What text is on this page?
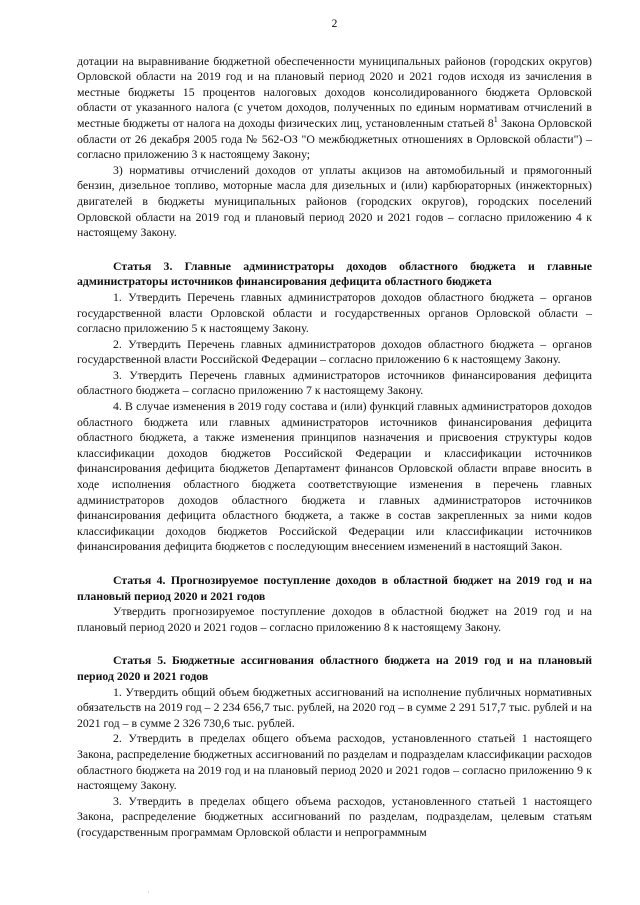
2

дотации на выравнивание бюджетной обеспеченности муниципальных районов (городских округов) Орловской области на 2019 год и на плановый период 2020 и 2021 годов исходя из зачисления в местные бюджеты 15 процентов налоговых доходов консолидированного бюджета Орловской области от указанного налога (с учетом доходов, полученных по единым нормативам отчислений в местные бюджеты от налога на доходы физических лиц, установленным статьей $8^1$ Закона Орловской области от 26 декабря 2005 года № 562-ОЗ "О межбюджетных отношениях в Орловской области") – согласно приложению 3 к настоящему Закону;

3) нормативы отчислений доходов от уплаты акцизов на автомобильный и прямогонный бензин, дизельное топливо, моторные масла для дизельных и (или) карбюраторных (инжекторных) двигателей в бюджеты муниципальных районов (городских округов), городских поселений Орловской области на 2019 год и плановый период 2020 и 2021 годов – согласно приложению 4 к настоящему Закону.

Статья 3. Главные администраторы доходов областного бюджета и главные администраторы источников финансирования дефицита областного бюджета

1. Утвердить Перечень главных администраторов доходов областного бюджета – органов государственной власти Орловской области и государственных органов Орловской области – согласно приложению 5 к настоящему Закону.

2. Утвердить Перечень главных администраторов доходов областного бюджета – органов государственной власти Российской Федерации – согласно приложению 6 к настоящему Закону.

3. Утвердить Перечень главных администраторов источников финансирования дефицита областного бюджета – согласно приложению 7 к настоящему Закону.

4. В случае изменения в 2019 году состава и (или) функций главных администраторов доходов областного бюджета или главных администраторов источников финансирования дефицита областного бюджета, а также изменения принципов назначения и присвоения структуры кодов классификации доходов бюджетов Российской Федерации и классификации источников финансирования дефицита бюджетов Департамент финансов Орловской области вправе вносить в ходе исполнения областного бюджета соответствующие изменения в перечень главных администраторов доходов областного бюджета и главных администраторов источников финансирования дефицита областного бюджета, а также в состав закрепленных за ними кодов классификации доходов бюджетов Российской Федерации или классификации источников финансирования дефицита бюджетов с последующим внесением изменений в настоящий Закон.

Статья 4. Прогнозируемое поступление доходов в областной бюджет на 2019 год и на плановый период 2020 и 2021 годов

Утвердить прогнозируемое поступление доходов в областной бюджет на 2019 год и на плановый период 2020 и 2021 годов – согласно приложению 8 к настоящему Закону.

Статья 5. Бюджетные ассигнования областного бюджета на 2019 год и на плановый период 2020 и 2021 годов

1. Утвердить общий объем бюджетных ассигнований на исполнение публичных нормативных обязательств на 2019 год – 2 234 656,7 тыс. рублей, на 2020 год – в сумме 2 291 517,7 тыс. рублей и на 2021 год – в сумме 2 326 730,6 тыс. рублей.

2. Утвердить в пределах общего объема расходов, установленного статьей 1 настоящего Закона, распределение бюджетных ассигнований по разделам и подразделам классификации расходов областного бюджета на 2019 год и на плановый период 2020 и 2021 годов – согласно приложению 9 к настоящему Закону.

3. Утвердить в пределах общего объема расходов, установленного статьей 1 настоящего Закона, распределение бюджетных ассигнований по разделам, подразделам, целевым статьям (государственным программам Орловской области и непрограммным

·
